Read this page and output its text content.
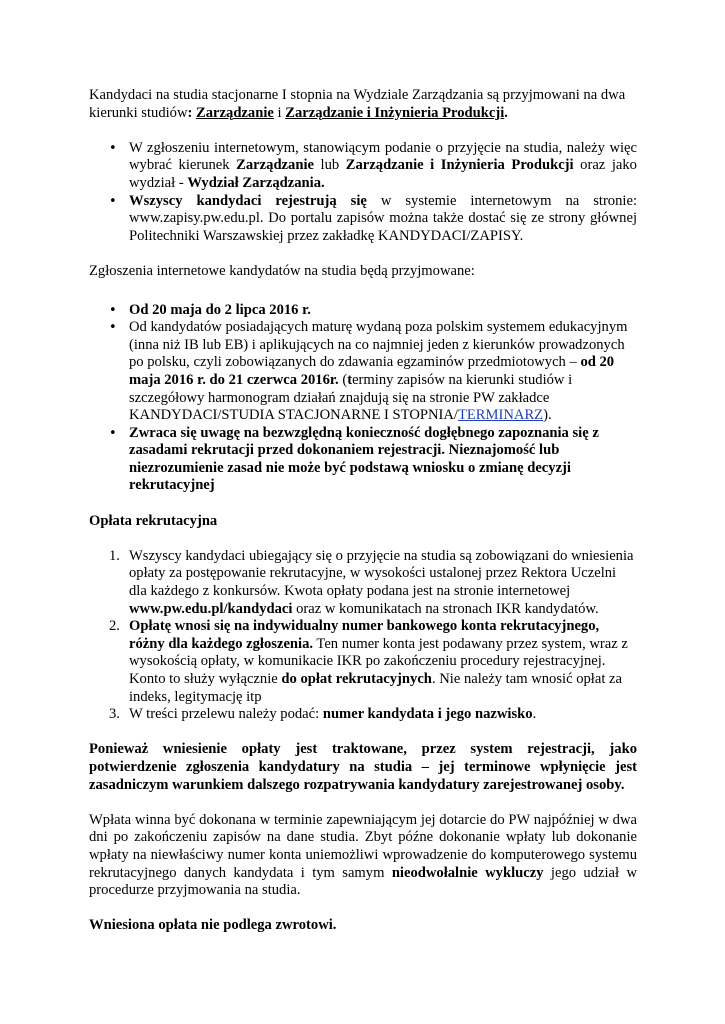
Kandydaci na studia stacjonarne I stopnia na Wydziale Zarządzania są przyjmowani na dwa kierunki studiów: Zarządzanie i Zarządzanie i Inżynieria Produkcji.

• W zgłoszeniu internetowym, stanowiącym podanie o przyjęcie na studia, należy więc wybrać kierunek Zarządzanie lub Zarządzanie i Inżynieria Produkcji oraz jako wydział - Wydział Zarządzania.
• Wszyscy kandydaci rejestrują się w systemie internetowym na stronie: www.zapisy.pw.edu.pl. Do portalu zapisów można także dostać się ze strony głównej Politechniki Warszawskiej przez zakładkę KANDYDACI/ZAPISY.

Zgłoszenia internetowe kandydatów na studia będą przyjmowane:

• Od 20 maja do 2 lipca 2016 r.
• Od kandydatów posiadających maturę wydaną poza polskim systemem edukacyjnym (inna niż IB lub EB) i aplikujących na co najmniej jeden z kierunków prowadzonych po polsku, czyli zobowiązanych do zdawania egzaminów przedmiotowych – od 20 maja 2016 r. do 21 czerwca 2016r. (terminy zapisów na kierunki studiów i szczegółowy harmonogram działań znajdują się na stronie PW zakładce KANDYDACI/STUDIA STACJONARNE I STOPNIA/TERMINARZ).
• Zwraca się uwagę na bezwzględną konieczność dogłębnego zapoznania się z zasadami rekrutacji przed dokonaniem rejestracji. Nieznajomość lub niezrozumienie zasad nie może być podstawą wniosku o zmianę decyzji rekrutacyjnej

Opłata rekrutacyjna

1. Wszyscy kandydaci ubiegający się o przyjęcie na studia są zobowiązani do wniesienia opłaty za postępowanie rekrutacyjne, w wysokości ustalonej przez Rektora Uczelni dla każdego z konkursów. Kwota opłaty podana jest na stronie internetowej www.pw.edu.pl/kandydaci oraz w komunikatach na stronach IKR kandydatów.
2. Opłatę wnosi się na indywidualny numer bankowego konta rekrutacyjnego, różny dla każdego zgłoszenia. Ten numer konta jest podawany przez system, wraz z wysokością opłaty, w komunikacie IKR po zakończeniu procedury rejestracyjnej. Konto to służy wyłącznie do opłat rekrutacyjnych. Nie należy tam wnosić opłat za indeks, legitymację itp
3. W treści przelewu należy podać: numer kandydata i jego nazwisko.

Ponieważ wniesienie opłaty jest traktowane, przez system rejestracji, jako potwierdzenie zgłoszenia kandydatury na studia – jej terminowe wpłynięcie jest zasadniczym warunkiem dalszego rozpatrywania kandydatury zarejestrowanej osoby.

Wpłata winna być dokonana w terminie zapewniającym jej dotarcie do PW najpóźniej w dwa dni po zakończeniu zapisów na dane studia. Zbyt późne dokonanie wpłaty lub dokonanie wpłaty na niewłaściwy numer konta uniemożliwi wprowadzenie do komputerowego systemu rekrutacyjnego danych kandydata i tym samym nieodwołalnie wykluczy jego udział w procedurze przyjmowania na studia.

Wniesiona opłata nie podlega zwrotowi.
